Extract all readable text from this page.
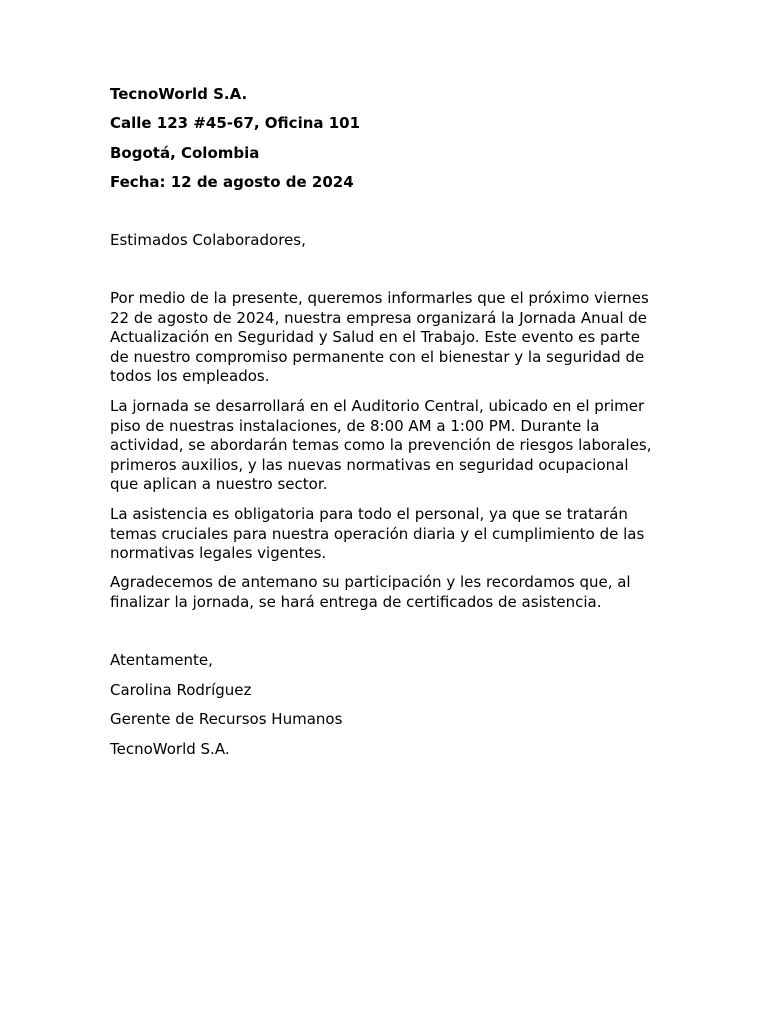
TecnoWorld S.A.
Calle 123 #45-67, Oficina 101
Bogotá, Colombia
Fecha: 12 de agosto de 2024
Estimados Colaboradores,

Por medio de la presente, queremos informarles que el próximo viernes 22 de agosto de 2024, nuestra empresa organizará la Jornada Anual de Actualización en Seguridad y Salud en el Trabajo. Este evento es parte de nuestro compromiso permanente con el bienestar y la seguridad de todos los empleados.

La jornada se desarrollará en el Auditorio Central, ubicado en el primer piso de nuestras instalaciones, de 8:00 AM a 1:00 PM. Durante la actividad, se abordarán temas como la prevención de riesgos laborales, primeros auxilios, y las nuevas normativas en seguridad ocupacional que aplican a nuestro sector.

La asistencia es obligatoria para todo el personal, ya que se tratarán temas cruciales para nuestra operación diaria y el cumplimiento de las normativas legales vigentes.

Agradecemos de antemano su participación y les recordamos que, al finalizar la jornada, se hará entrega de certificados de asistencia.

Atentamente,
Carolina Rodríguez
Gerente de Recursos Humanos
TecnoWorld S.A.
